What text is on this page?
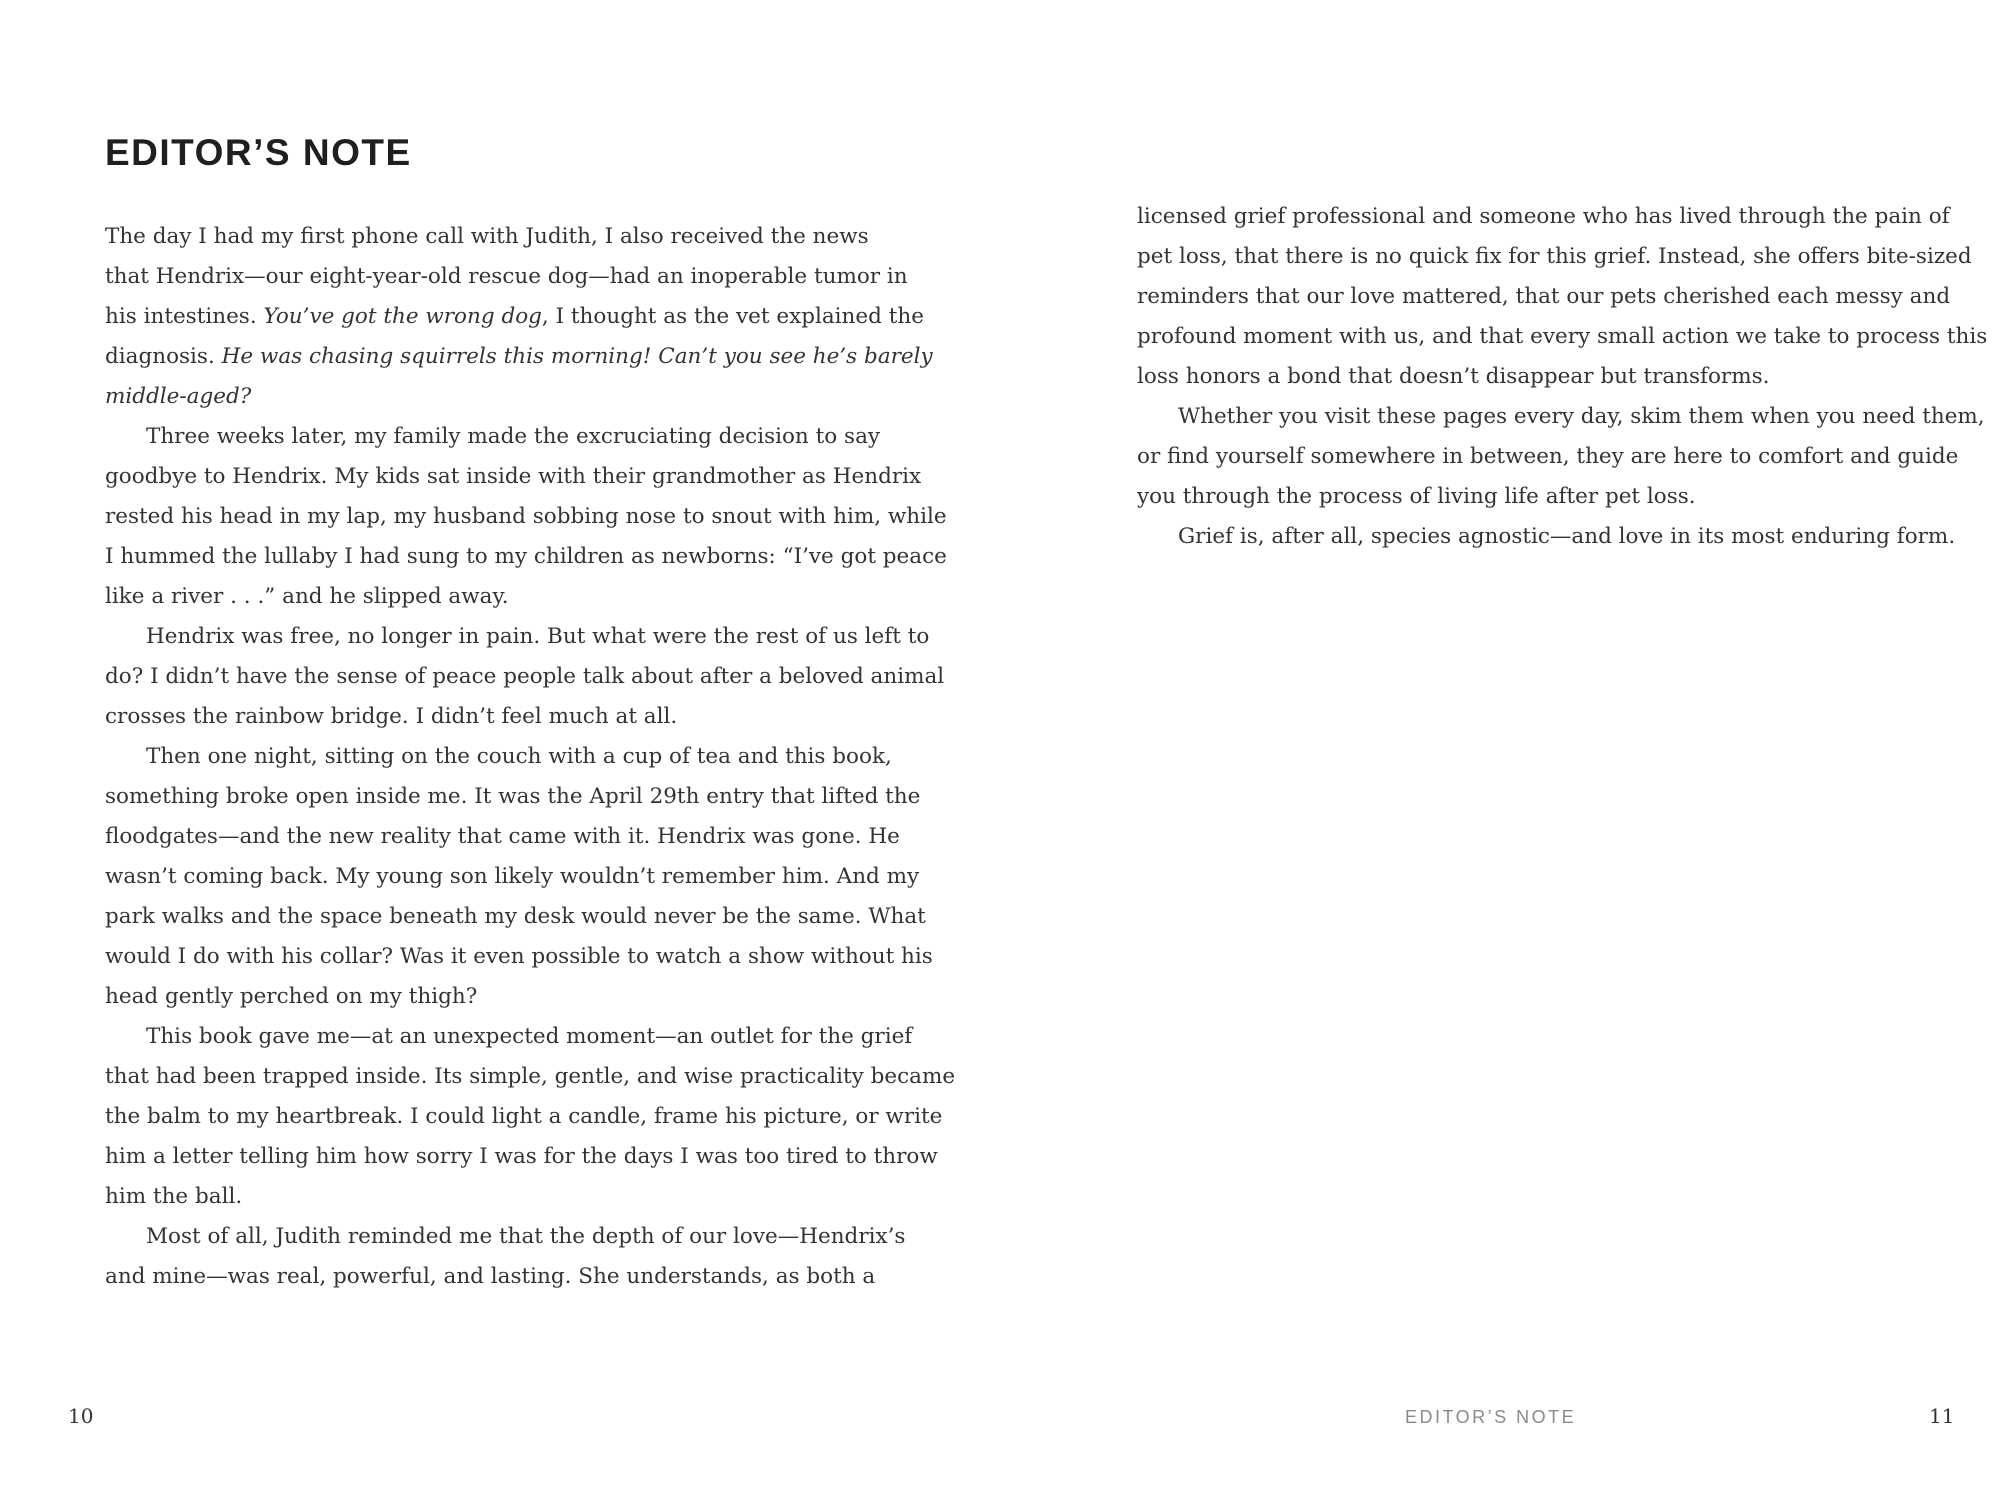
EDITOR’S NOTE
The day I had my first phone call with Judith, I also received the news
that Hendrix—our eight-year-old rescue dog—had an inoperable tumor in
his intestines. You’ve got the wrong dog, I thought as the vet explained the
diagnosis. He was chasing squirrels this morning! Can’t you see he’s barely
middle-aged?
Three weeks later, my family made the excruciating decision to say
goodbye to Hendrix. My kids sat inside with their grandmother as Hendrix
rested his head in my lap, my husband sobbing nose to snout with him, while
I hummed the lullaby I had sung to my children as newborns: “I’ve got peace
like a river . . .” and he slipped away.
Hendrix was free, no longer in pain. But what were the rest of us left to
do? I didn’t have the sense of peace people talk about after a beloved animal
crosses the rainbow bridge. I didn’t feel much at all.
Then one night, sitting on the couch with a cup of tea and this book,
something broke open inside me. It was the April 29th entry that lifted the
floodgates—and the new reality that came with it. Hendrix was gone. He
wasn’t coming back. My young son likely wouldn’t remember him. And my
park walks and the space beneath my desk would never be the same. What
would I do with his collar? Was it even possible to watch a show without his
head gently perched on my thigh?
This book gave me—at an unexpected moment—an outlet for the grief
that had been trapped inside. Its simple, gentle, and wise practicality became
the balm to my heartbreak. I could light a candle, frame his picture, or write
him a letter telling him how sorry I was for the days I was too tired to throw
him the ball.
Most of all, Judith reminded me that the depth of our love—Hendrix’s
and mine—was real, powerful, and lasting. She understands, as both a
10
licensed grief professional and someone who has lived through the pain of
pet loss, that there is no quick fix for this grief. Instead, she offers bite-sized
reminders that our love mattered, that our pets cherished each messy and
profound moment with us, and that every small action we take to process this
loss honors a bond that doesn’t disappear but transforms.
Whether you visit these pages every day, skim them when you need them,
or find yourself somewhere in between, they are here to comfort and guide
you through the process of living life after pet loss.
Grief is, after all, species agnostic—and love in its most enduring form.
EDITOR’S NOTE	11
